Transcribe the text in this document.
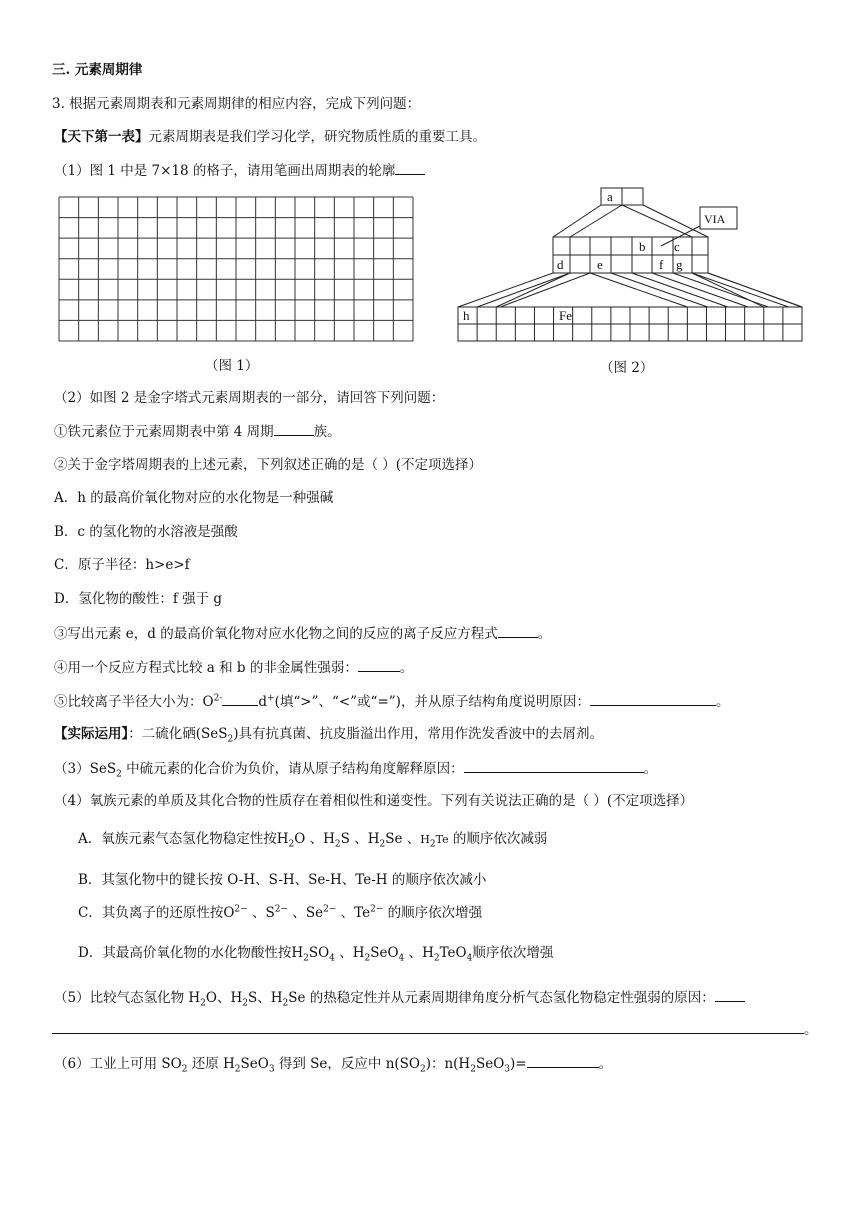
三. 元素周期律
3. 根据元素周期表和元素周期律的相应内容，完成下列问题：
【天下第一表】元素周期表是我们学习化学，研究物质性质的重要工具。
（1）图 1 中是 7×18 的格子，请用笔画出周期表的轮廓
（图 1）
a
b c
d	e	f g
h	Fe
VIA
（图 2）
（2）如图 2 是金字塔式元素周期表的一部分，请回答下列问题：
①铁元素位于元素周期表中第 4 周期	族。
②关于金字塔周期表的上述元素，下列叙述正确的是（ ）(不定项选择）
A．h 的最高价氧化物对应的水化物是一种强碱
B．c 的氢化物的水溶液是强酸
C．原子半径：h>e>f
D．氢化物的酸性：f 强于 g
③写出元素 e，d 的最高价氧化物对应水化物之间的反应的离子反应方程式	。
④用一个反应方程式比较 a 和 b 的非金属性强弱：	。
⑤比较离子半径大小为：$O^{2-}$	d+(填“>”、“<”或“=”)，并从原子结构角度说明原因：	。
【实际运用】：二硫化硒(SeS$_2$)具有抗真菌、抗皮脂溢出作用，常用作洗发香波中的去屑剂。
（3）SeS$_2$ 中硫元素的化合价为负价，请从原子结构角度解释原因：	。
（4）氧族元素的单质及其化合物的性质存在着相似性和递变性。下列有关说法正确的是（ ）(不定项选择）
A．氧族元素气态氢化物稳定性按$H_2O$ 、$H_2S$ 、$H_2Se$ 、$H_2Te$ 的顺序依次减弱
B．其氢化物中的键长按 O-H、S-H、Se-H、Te-H 的顺序依次减小
C．其负离子的还原性按$O^{2-}$ 、$S^{2-}$ 、$Se^{2-}$ 、$Te^{2-}$ 的顺序依次增强
D．其最高价氧化物的水化物酸性按$H_2SO_4$ 、$H_2SeO_4$ 、$H_2TeO_4$顺序依次增强
（5）比较气态氢化物 $H_2O$、$H_2S$、$H_2Se$ 的热稳定性并从元素周期律角度分析气态氢化物稳定性强弱的原因：
。
（6）工业上可用 $SO_2$ 还原 $H_2SeO_3$ 得到 Se，反应中 $n(SO_2)$：$n(H_2SeO_3)=$	。
